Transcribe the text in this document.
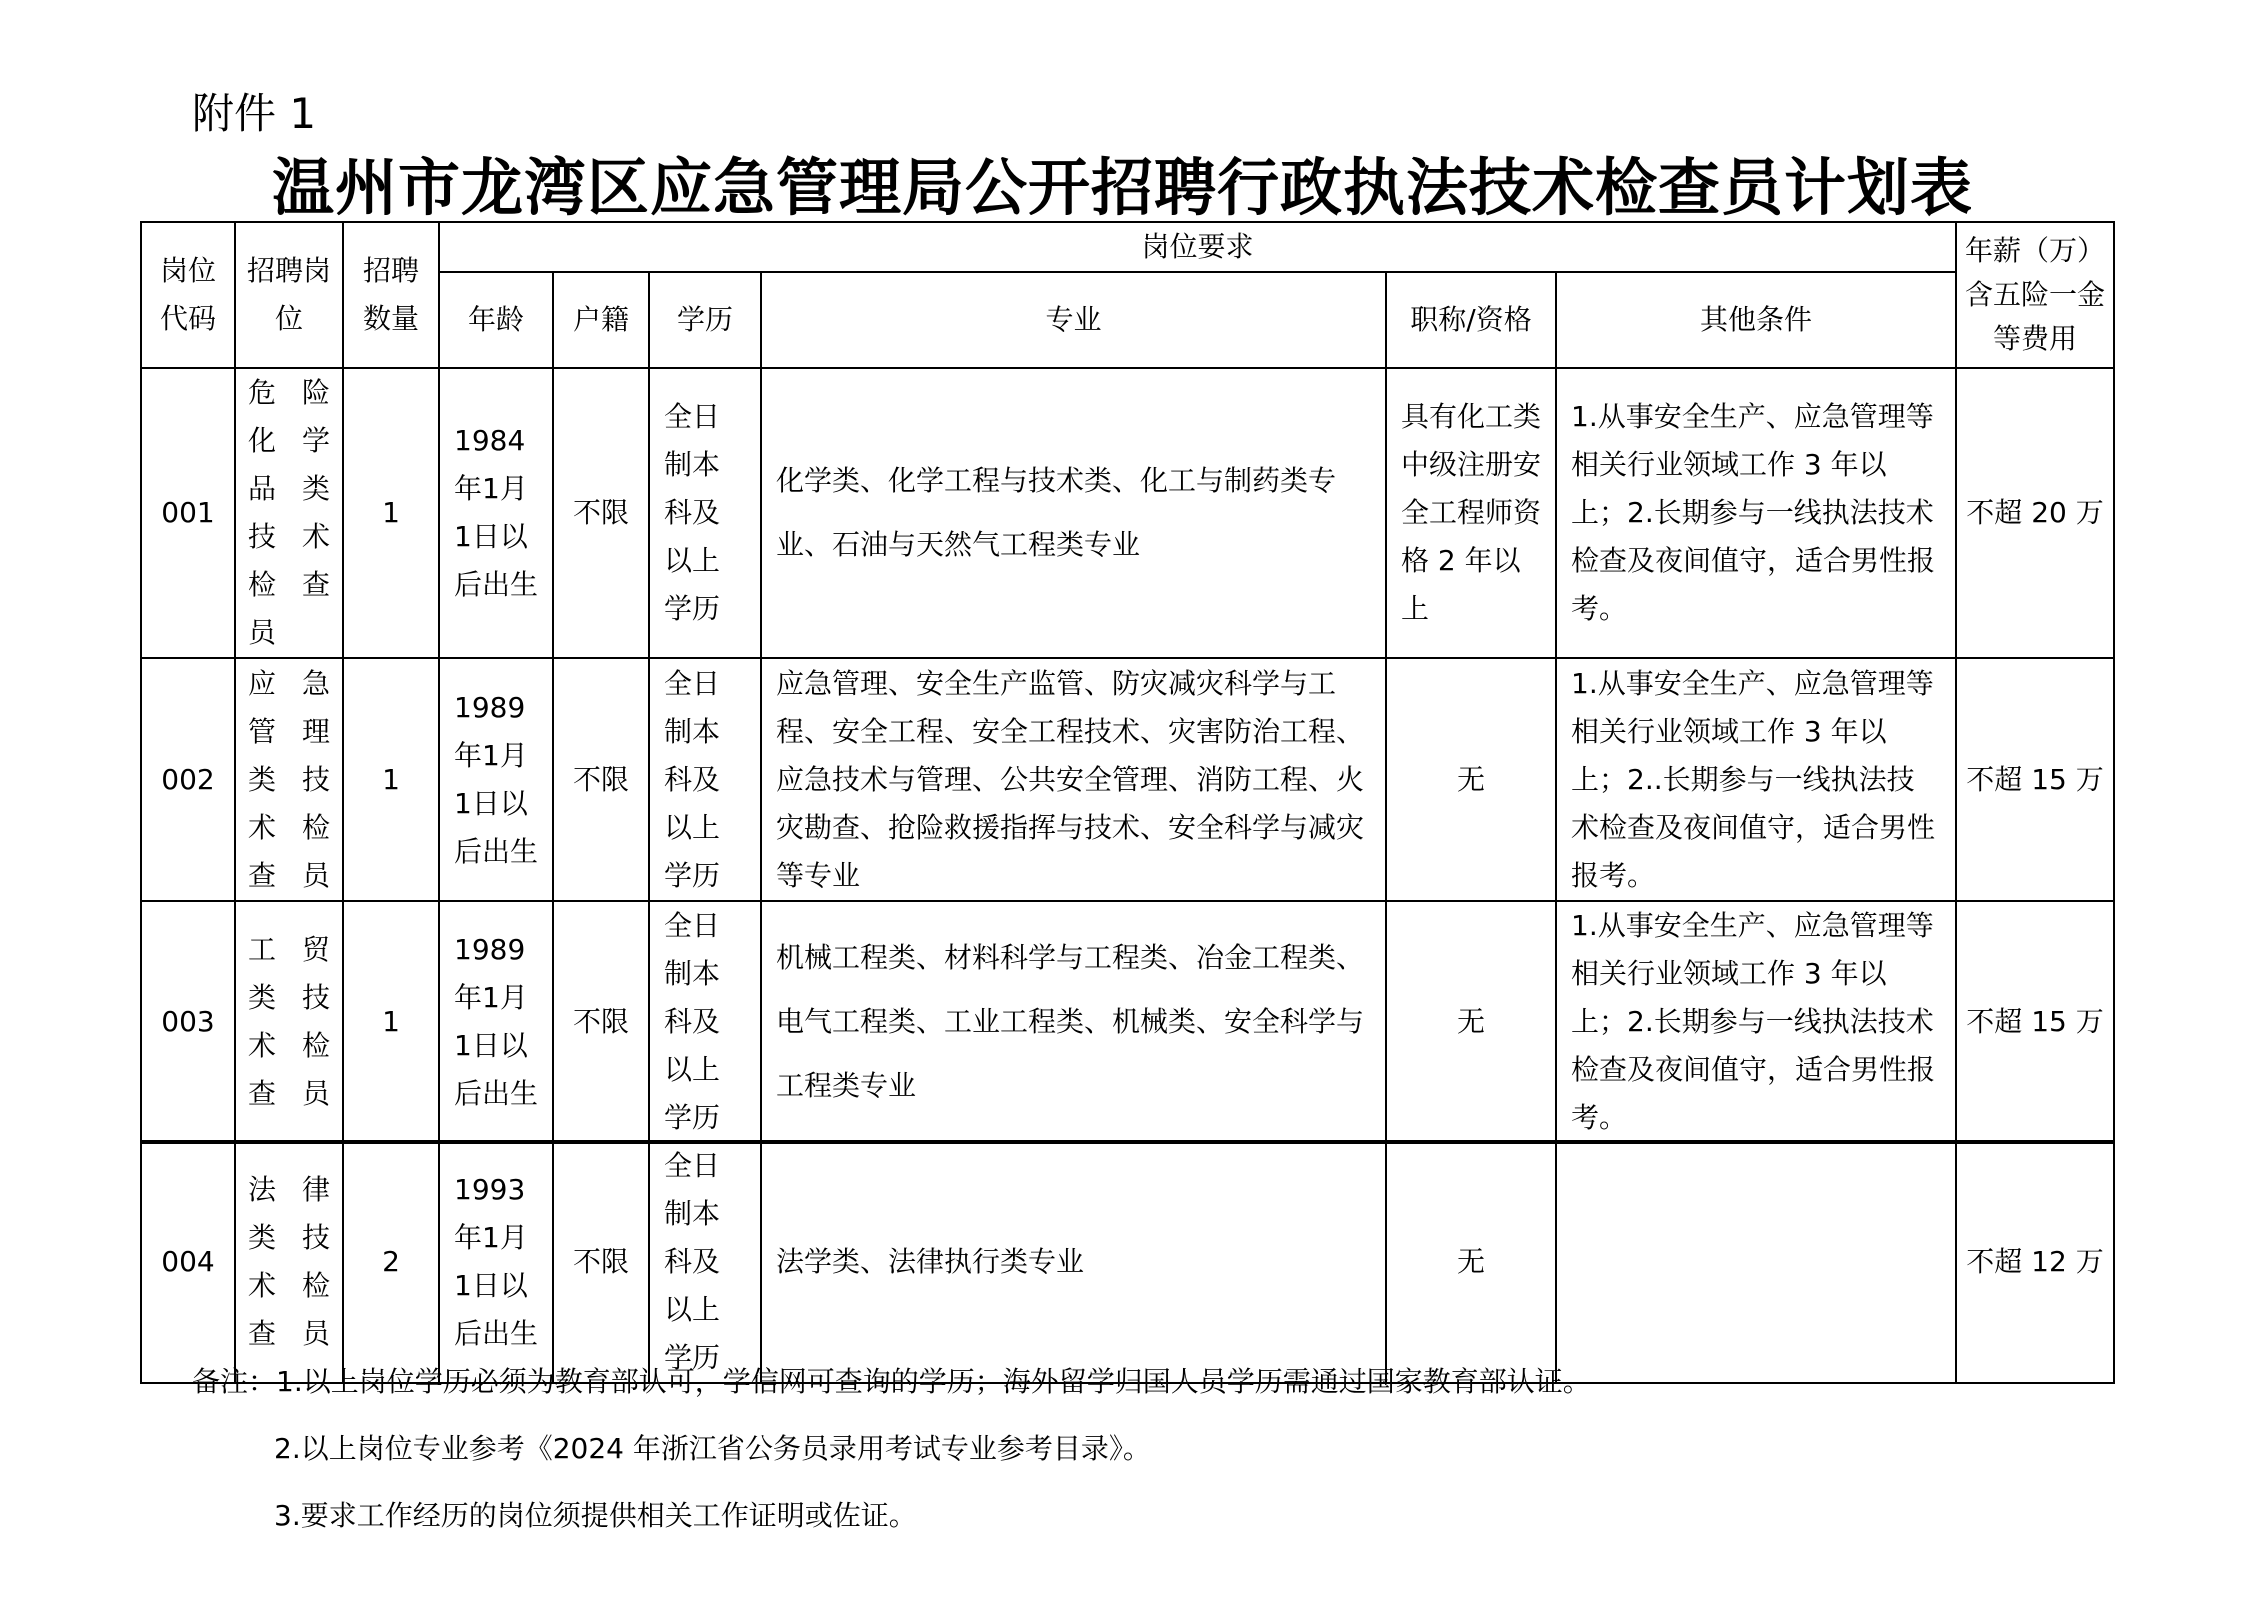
附件 1
温州市龙湾区应急管理局公开招聘行政执法技术检查员计划表
岗位代码	招聘岗位	招聘数量	岗位要求						年薪（万）含五险一金等费用
			年龄	户籍	学历	专业	职称/资格	其他条件	
001	危险化学品类技术检查员	1	1984年1月1日以后出生	不限	全日制本科及以上学历	化学类、化学工程与技术类、化工与制药类专业、石油与天然气工程类专业	具有化工类中级注册安全工程师资格 2 年以上	1.从事安全生产、应急管理等相关行业领域工作 3 年以上；2.长期参与一线执法技术检查及夜间值守，适合男性报考。	不超 20 万
002	应急管理类技术检查员	1	1989年1月1日以后出生	不限	全日制本科及以上学历	应急管理、安全生产监管、防灾减灾科学与工程、安全工程、安全工程技术、灾害防治工程、应急技术与管理、公共安全管理、消防工程、火灾勘查、抢险救援指挥与技术、安全科学与减灾等专业	无	1.从事安全生产、应急管理等相关行业领域工作 3 年以上；2..长期参与一线执法技术检查及夜间值守，适合男性报考。	不超 15 万
003	工贸类技术检查员	1	1989年1月1日以后出生	不限	全日制本科及以上学历	机械工程类、材料科学与工程类、冶金工程类、电气工程类、工业工程类、机械类、安全科学与工程类专业	无	1.从事安全生产、应急管理等相关行业领域工作 3 年以上；2.长期参与一线执法技术检查及夜间值守，适合男性报考。	不超 15 万
004	法律类技术检查员	2	1993年1月1日以后出生	不限	全日制本科及以上学历	法学类、法律执行类专业	无		不超 12 万
备注：1.以上岗位学历必须为教育部认可，学信网可查询的学历；海外留学归国人员学历需通过国家教育部认证。
2.以上岗位专业参考《2024 年浙江省公务员录用考试专业参考目录》。
3.要求工作经历的岗位须提供相关工作证明或佐证。
